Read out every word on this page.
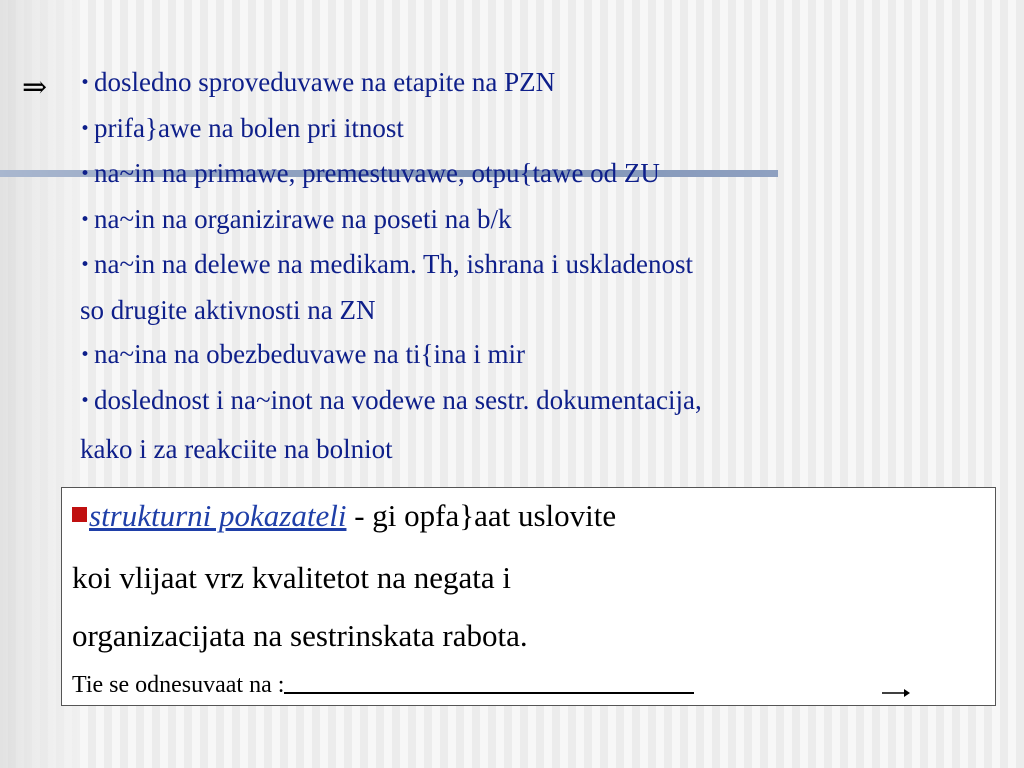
⇒ • dosledno sproveduvawe na etapite na PZN
• prifa}awe na bolen pri itnost
• na~in na primawe, premestuvawe, otpu{tawe od ZU
• na~in na organizirawe na poseti na b/k
• na~in na delewe na medikam. Th, ishrana i uskladenost
so drugite aktivnosti na ZN
• na~ina na obezbeduvawe na ti{ina i mir
• doslednost i na~inot na vodewe na sestr. dokumentacija,
kako i za reakciite na bolniot
strukturni pokazateli - gi opfa}aat uslovite
koi vlijaat vrz kvalitetot na negata i
organizacijata na sestrinskata rabota.
Tie se odnesuvaat na :
